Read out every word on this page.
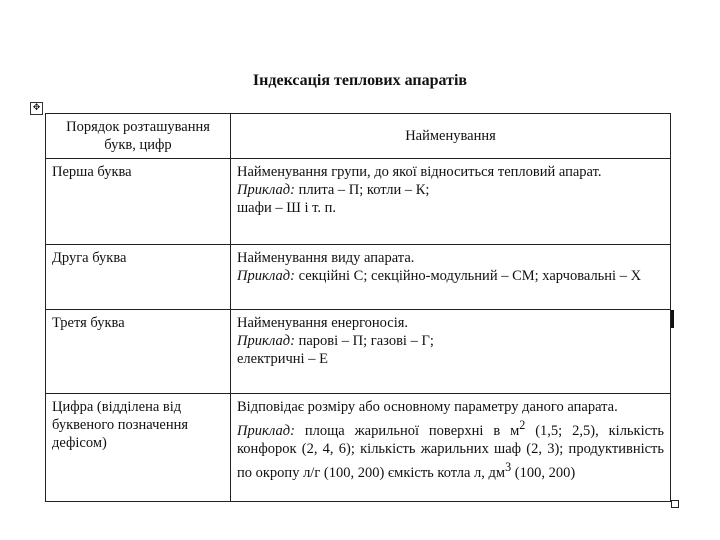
Індексація теплових апаратів
✥
Порядок розташування букв, цифр	Найменування
Перша буква	Найменування групи, до якої відноситься тепловий апарат.
Приклад: плита – П; котли – К;
шафи – Ш і т. п.

Друга буква	Найменування виду апарата.
Приклад: секційні С; секційно-модульний – СМ; харчовальні – Х

Третя буква	Найменування енергоносія.
Приклад: парові – П; газові – Г;
електричні – Е

Цифра (відділена від буквеного позначення дефісом)	Відповідає розміру або основному параметру даного апарата.
Приклад: площа жарильної поверхні в $м^2$ (1,5; 2,5), кількість конфорок (2, 4, 6); кількість жарильних шаф (2, 3); продуктивність по окропу л/г (100, 200) ємкість котла л, $дм^3$ (100, 200)
